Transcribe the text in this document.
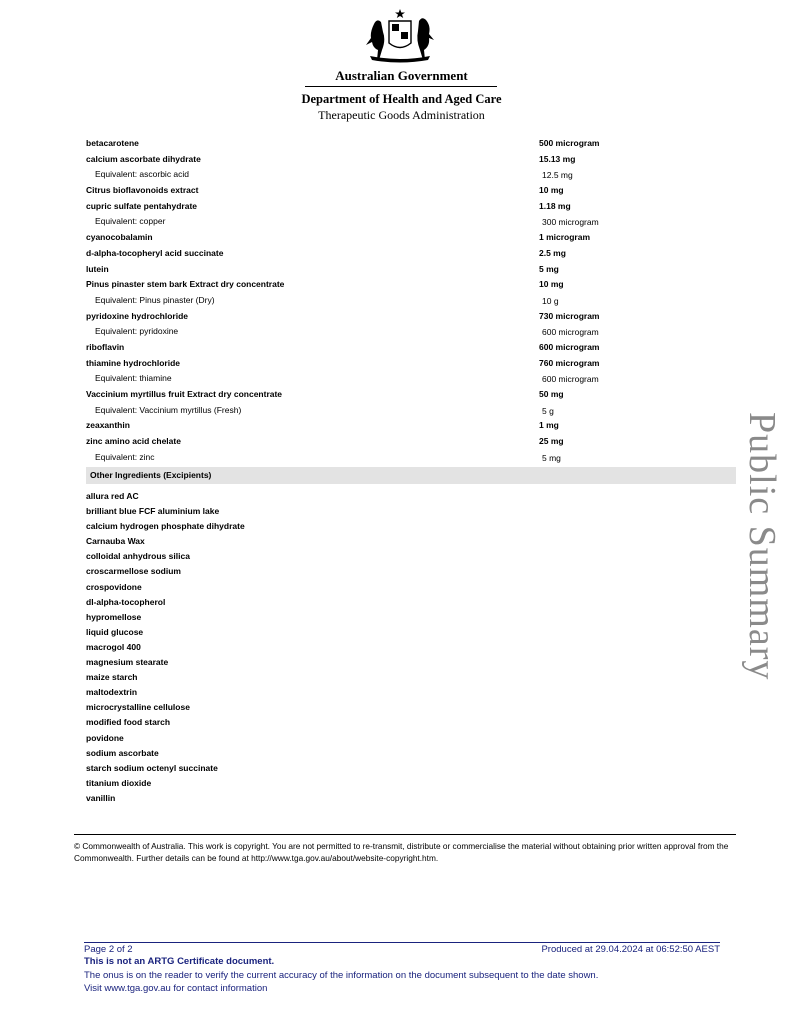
Australian Government
Department of Health and Aged Care
Therapeutic Goods Administration
betacarotene	500 microgram
calcium ascorbate dihydrate	15.13 mg
Equivalent: ascorbic acid	12.5 mg
Citrus bioflavonoids extract	10 mg
cupric sulfate pentahydrate	1.18 mg
Equivalent: copper	300 microgram
cyanocobalamin	1 microgram
d-alpha-tocopheryl acid succinate	2.5 mg
lutein	5 mg
Pinus pinaster stem bark Extract dry concentrate	10 mg
Equivalent: Pinus pinaster (Dry)	10 g
pyridoxine hydrochloride	730 microgram
Equivalent: pyridoxine	600 microgram
riboflavin	600 microgram
thiamine hydrochloride	760 microgram
Equivalent: thiamine	600 microgram
Vaccinium myrtillus fruit Extract dry concentrate	50 mg
Equivalent: Vaccinium myrtillus (Fresh)	5 g
zeaxanthin	1 mg
zinc amino acid chelate	25 mg
Equivalent: zinc	5 mg
Other Ingredients (Excipients)
allura red AC
brilliant blue FCF aluminium lake
calcium hydrogen phosphate dihydrate
Carnauba Wax
colloidal anhydrous silica
croscarmellose sodium
crospovidone
dl-alpha-tocopherol
hypromellose
liquid glucose
macrogol 400
magnesium stearate
maize starch
maltodextrin
microcrystalline cellulose
modified food starch
povidone
sodium ascorbate
starch sodium octenyl succinate
titanium dioxide
vanillin
Public Summary
© Commonwealth of Australia. This work is copyright. You are not permitted to re-transmit, distribute or commercialise the material without obtaining prior written approval from the Commonwealth. Further details can be found at http://www.tga.gov.au/about/website-copyright.htm.
Page 2 of 2	Produced at 29.04.2024 at 06:52:50 AEST
This is not an ARTG Certificate document.
The onus is on the reader to verify the current accuracy of the information on the document subsequent to the date shown.
Visit www.tga.gov.au for contact information
